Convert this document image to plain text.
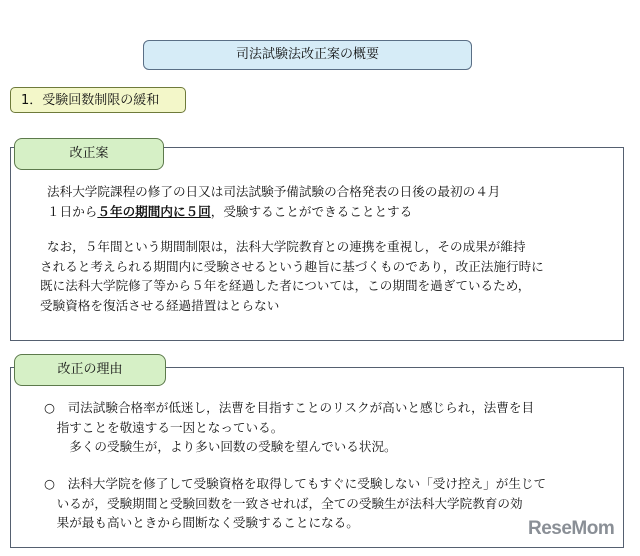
司法試験法改正案の概要
1．受験回数制限の緩和
改正案

法科大学院課程の修了の日又は司法試験予備試験の合格発表の日後の最初の４月

１日から５年の期間内に５回，受験することができることとする

なお，５年間という期間制限は，法科大学院教育との連携を重視し，その成果が維持

されると考えられる期間内に受験させるという趣旨に基づくものであり，改正法施行時に

既に法科大学院修了等から５年を経過した者については，この期間を過ぎているため，

受験資格を復活させる経過措置はとらない

改正の理由

○　司法試験合格率が低迷し，法曹を目指すことのリスクが高いと感じられ，法曹を目

　指すことを敬遠する一因となっている。

　　多くの受験生が，より多い回数の受験を望んでいる状況。

○　法科大学院を修了して受験資格を取得してもすぐに受験しない「受け控え」が生じて

　いるが，受験期間と受験回数を一致させれば，全ての受験生が法科大学院教育の効

　果が最も高いときから間断なく受験することになる。	ReseMom
